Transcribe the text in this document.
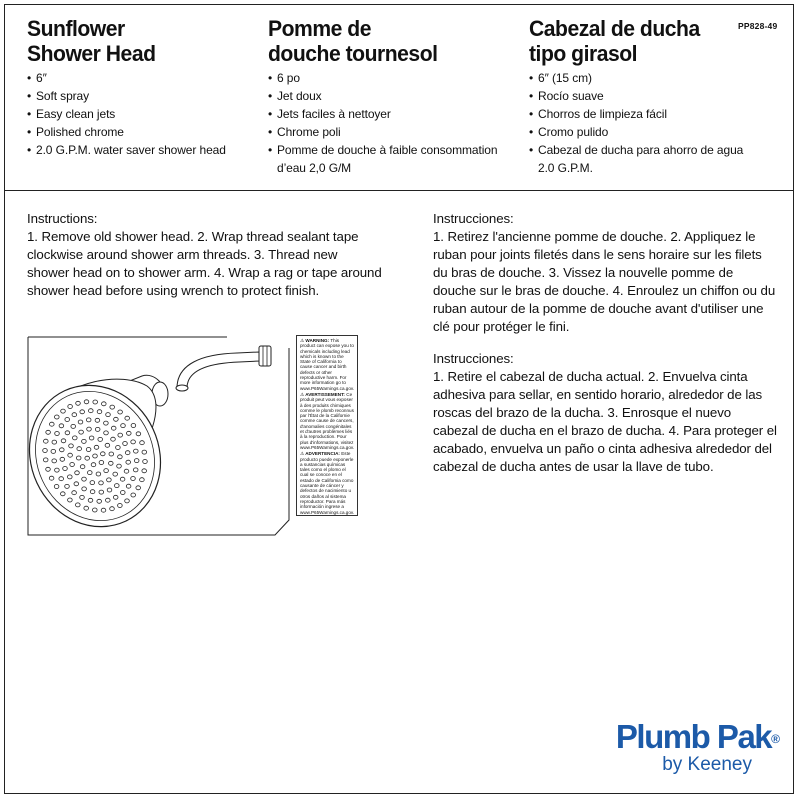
PP828-49
Sunflower
Shower Head
• 6″
• Soft spray
• Easy clean jets
• Polished chrome
• 2.0 G.P.M. water saver shower head
Pomme de
douche tournesol
• 6 po
• Jet doux
• Jets faciles à nettoyer
• Chrome poli
• Pomme de douche à faible consommation d’eau 2,0 G/M
Cabezal de ducha
tipo girasol
• 6″ (15 cm)
• Rocío suave
• Chorros de limpieza fácil
• Cromo pulido
• Cabezal de ducha para ahorro de agua 2.0 G.P.M.
Instructions:
1. Remove old shower head. 2. Wrap thread sealant tape clockwise around shower arm threads. 3. Thread new shower head on to shower arm. 4. Wrap a rag or tape around shower head before using wrench to protect finish.
Instrucciones:
1. Retirez l'ancienne pomme de douche. 2. Appliquez le ruban pour joints filetés dans le sens horaire sur les filets du bras de douche. 3. Vissez la nouvelle pomme de douche sur le bras de douche. 4. Enroulez un chiffon ou du ruban autour de la pomme de douche avant d'utiliser une clé pour protéger le fini.
Instrucciones:
1. Retire el cabezal de ducha actual. 2. Envuelva cinta adhesiva para sellar, en sentido horario, alrededor de las roscas del brazo de la ducha. 3. Enrosque el nuevo cabezal de ducha en el brazo de ducha. 4. Para proteger el acabado, envuelva un paño o cinta adhesiva alrededor del cabezal de ducha antes de usar la llave de tubo.

⚠ WARNING: This product can expose you to chemicals including lead which is known to the State of California to cause cancer and birth defects or other reproductive harm. For more information go to www.P65Warnings.ca.gov.

⚠ AVERTISSEMENT: Ce produit peut vous exposer à des produits chimiques comme le plomb reconnus par l'État de la Californie comme cause de cancers, d'anomalies congénitales et d'autres problèmes liés à la reproduction. Pour plus d'informations, visitez www.P65Warnings.ca.gov.

⚠ ADVERTENCIA: Este producto puede exponerle a sustancias químicas tales como el plomo el cual se conoce en el estado de California como causante de cáncer y defectos de nacimiento u otros daños al sistema reproductor. Para más información ingrese a www.P65Warnings.ca.gov.

Plumb Pak®
by Keeney
